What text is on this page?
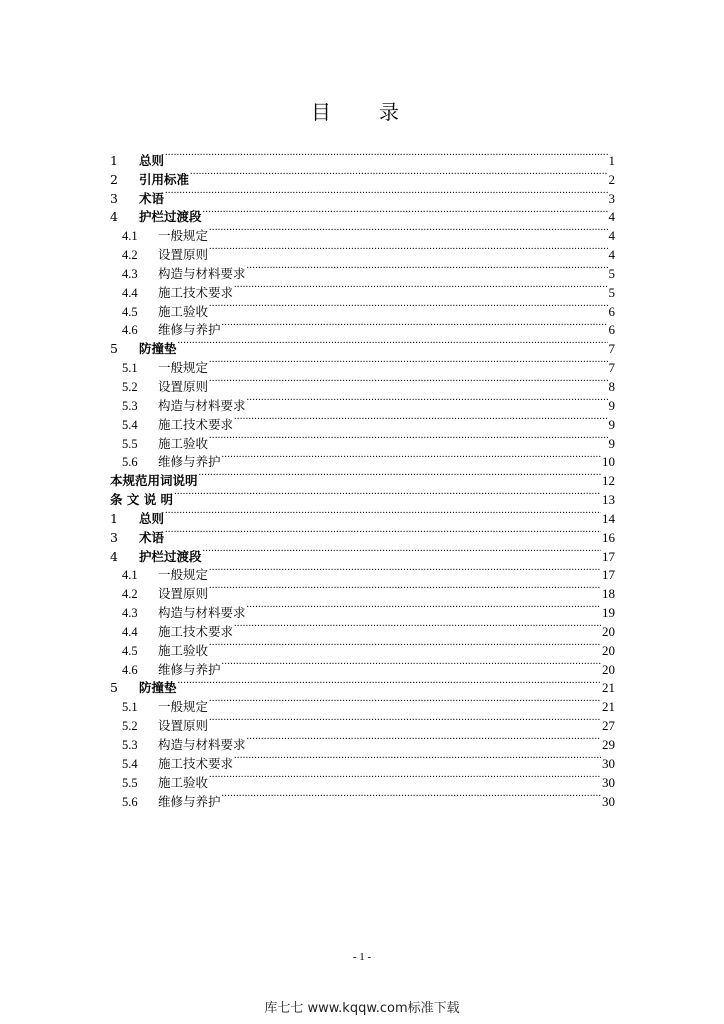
目　录
1	总则 .....	1
2	引用标准 .....	2
3	术语 .....	3
4	护栏过渡段 .....	4
4.1	一般规定 .....	4
4.2	设置原则 .....	4
4.3	构造与材料要求 .....	5
4.4	施工技术要求 .....	5
4.5	施工验收 .....	6
4.6	维修与养护 .....	6
5	防撞垫 .....	7
5.1	一般规定 .....	7
5.2	设置原则 .....	8
5.3	构造与材料要求 .....	9
5.4	施工技术要求 .....	9
5.5	施工验收 .....	9
5.6	维修与养护 .....	10
本规范用词说明 .....	12
条 文 说 明 .....	13
1	总则 .....	14
3	术语 .....	16
4	护栏过渡段 .....	17
4.1	一般规定 .....	17
4.2	设置原则 .....	18
4.3	构造与材料要求 .....	19
4.4	施工技术要求 .....	20
4.5	施工验收 .....	20
4.6	维修与养护 .....	20
5	防撞垫 .....	21
5.1	一般规定 .....	21
5.2	设置原则 .....	27
5.3	构造与材料要求 .....	29
5.4	施工技术要求 .....	30
5.5	施工验收 .....	30
5.6	维修与养护 .....	30
- 1 -
库七七 www.kqqw.com标准下载
